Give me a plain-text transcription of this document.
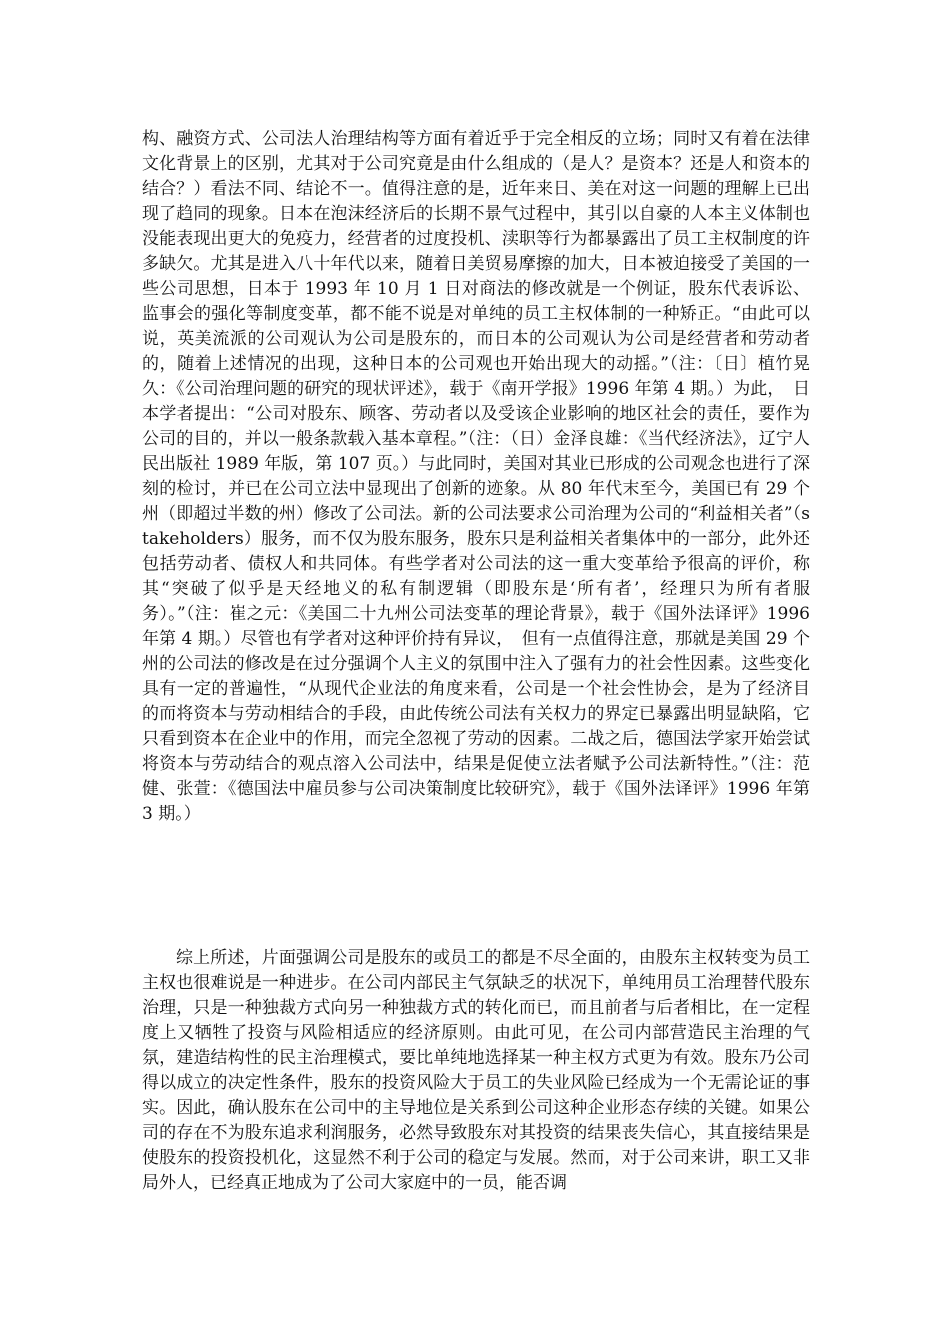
构、融资方式、公司法人治理结构等方面有着近乎于完全相反的立场；同时又有着在法律文化背景上的区别，尤其对于公司究竟是由什么组成的（是人？是资本？还是人和资本的结合？）看法不同、结论不一。值得注意的是，近年来日、美在对这一问题的理解上已出现了趋同的现象。日本在泡沫经济后的长期不景气过程中，其引以自豪的人本主义体制也没能表现出更大的免疫力，经营者的过度投机、渎职等行为都暴露出了员工主权制度的许多缺欠。尤其是进入八十年代以来，随着日美贸易摩擦的加大，日本被迫接受了美国的一些公司思想，日本于 1993 年 10 月 1 日对商法的修改就是一个例证，股东代表诉讼、监事会的强化等制度变革，都不能不说是对单纯的员工主权体制的一种矫正。“由此可以说，英美流派的公司观认为公司是股东的，而日本的公司观认为公司是经营者和劳动者的，随着上述情况的出现，这种日本的公司观也开始出现大的动摇。”（注：〔日〕植竹晃久：《公司治理问题的研究的现状评述》，载于《南开学报》1996 年第 4 期。）为此，　日本学者提出：“公司对股东、顾客、劳动者以及受该企业影响的地区社会的责任，要作为公司的目的，并以一般条款载入基本章程。”（注：（日）金泽良雄：《当代经济法》，辽宁人民出版社 1989 年版，第 107 页。）与此同时，美国对其业已形成的公司观念也进行了深刻的检讨，并已在公司立法中显现出了创新的迹象。从 80 年代末至今，美国已有 29 个州（即超过半数的州）修改了公司法。新的公司法要求公司治理为公司的“利益相关者”（stakeholders）服务，而不仅为股东服务，股东只是利益相关者集体中的一部分，此外还包括劳动者、债权人和共同体。有些学者对公司法的这一重大变革给予很高的评价，称其“突破了似乎是天经地义的私有制逻辑（即股东是‘所有者’，经理只为所有者服务）。”（注：崔之元：《美国二十九州公司法变革的理论背景》，载于《国外法译评》1996 年第 4 期。）尽管也有学者对这种评价持有异议，　但有一点值得注意，那就是美国 29 个州的公司法的修改是在过分强调个人主义的氛围中注入了强有力的社会性因素。这些变化具有一定的普遍性，“从现代企业法的角度来看，公司是一个社会性协会，是为了经济目的而将资本与劳动相结合的手段，由此传统公司法有关权力的界定已暴露出明显缺陷，它只看到资本在企业中的作用，而完全忽视了劳动的因素。二战之后，德国法学家开始尝试将资本与劳动结合的观点溶入公司法中，结果是促使立法者赋予公司法新特性。”（注：范健、张萱：《德国法中雇员参与公司决策制度比较研究》，载于《国外法译评》1996 年第 3 期。）

综上所述，片面强调公司是股东的或员工的都是不尽全面的，由股东主权转变为员工主权也很难说是一种进步。在公司内部民主气氛缺乏的状况下，单纯用员工治理替代股东治理，只是一种独裁方式向另一种独裁方式的转化而已，而且前者与后者相比，在一定程度上又牺牲了投资与风险相适应的经济原则。由此可见，在公司内部营造民主治理的气氛，建造结构性的民主治理模式，要比单纯地选择某一种主权方式更为有效。股东乃公司得以成立的决定性条件，股东的投资风险大于员工的失业风险已经成为一个无需论证的事实。因此，确认股东在公司中的主导地位是关系到公司这种企业形态存续的关键。如果公司的存在不为股东追求利润服务，必然导致股东对其投资的结果丧失信心，其直接结果是使股东的投资投机化，这显然不利于公司的稳定与发展。然而，对于公司来讲，职工又非局外人，已经真正地成为了公司大家庭中的一员，能否调
